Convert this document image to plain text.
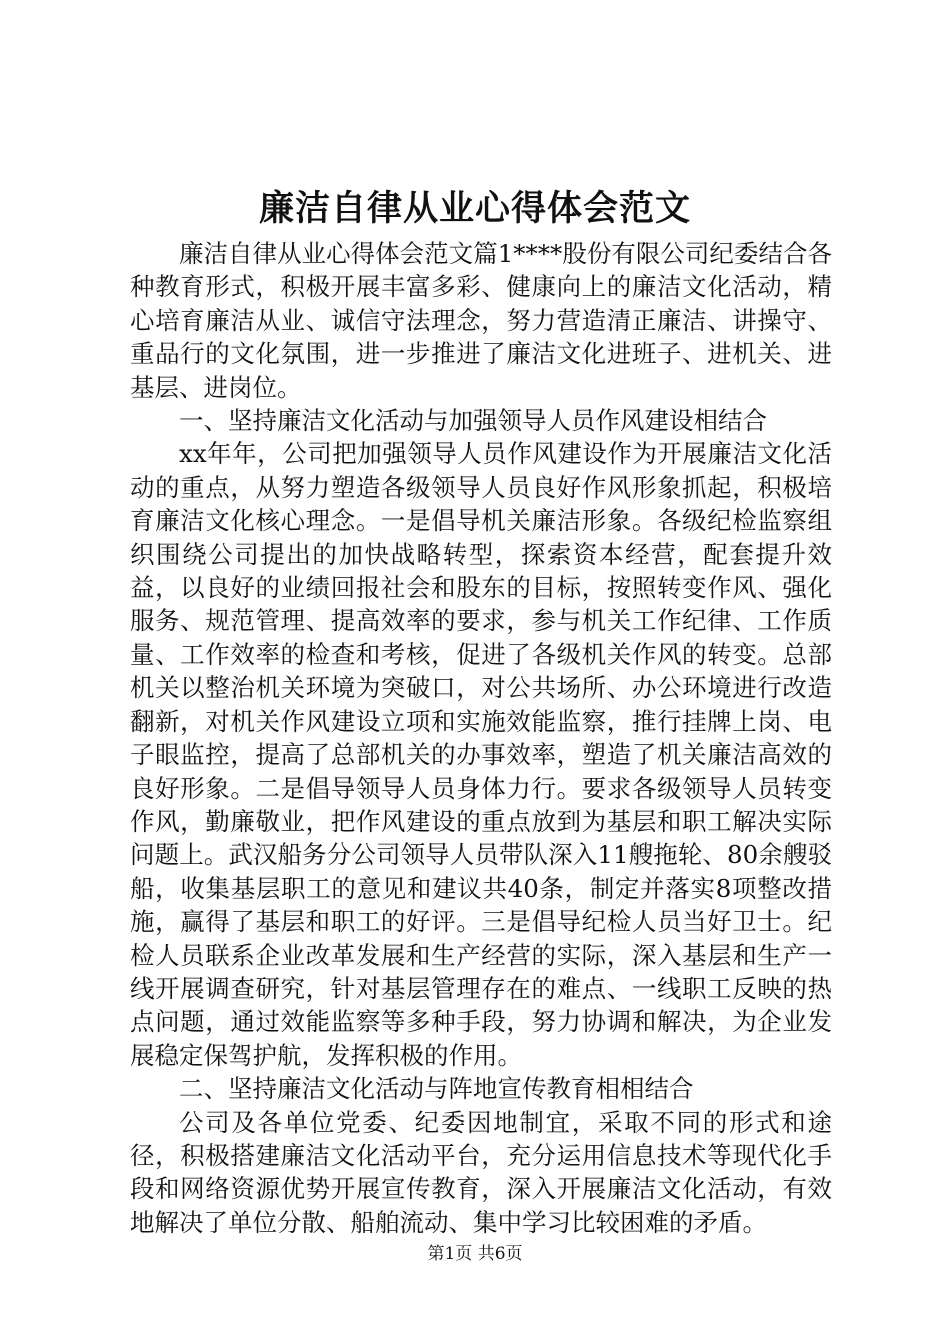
廉洁自律从业心得体会范文

廉洁自律从业心得体会范文篇1****股份有限公司纪委结合各种教育形式，积极开展丰富多彩、健康向上的廉洁文化活动，精心培育廉洁从业、诚信守法理念，努力营造清正廉洁、讲操守、重品行的文化氛围，进一步推进了廉洁文化进班子、进机关、进基层、进岗位。

一、坚持廉洁文化活动与加强领导人员作风建设相结合

xx年年，公司把加强领导人员作风建设作为开展廉洁文化活动的重点，从努力塑造各级领导人员良好作风形象抓起，积极培育廉洁文化核心理念。一是倡导机关廉洁形象。各级纪检监察组织围绕公司提出的加快战略转型，探索资本经营，配套提升效益，以良好的业绩回报社会和股东的目标，按照转变作风、强化服务、规范管理、提高效率的要求，参与机关工作纪律、工作质量、工作效率的检查和考核，促进了各级机关作风的转变。总部机关以整治机关环境为突破口，对公共场所、办公环境进行改造翻新，对机关作风建设立项和实施效能监察，推行挂牌上岗、电子眼监控，提高了总部机关的办事效率，塑造了机关廉洁高效的良好形象。二是倡导领导人员身体力行。要求各级领导人员转变作风，勤廉敬业，把作风建设的重点放到为基层和职工解决实际问题上。武汉船务分公司领导人员带队深入11艘拖轮、80余艘驳船，收集基层职工的意见和建议共40条，制定并落实8项整改措施，赢得了基层和职工的好评。三是倡导纪检人员当好卫士。纪检人员联系企业改革发展和生产经营的实际，深入基层和生产一线开展调查研究，针对基层管理存在的难点、一线职工反映的热点问题，通过效能监察等多种手段，努力协调和解决，为企业发展稳定保驾护航，发挥积极的作用。

二、坚持廉洁文化活动与阵地宣传教育相相结合

公司及各单位党委、纪委因地制宜，采取不同的形式和途径，积极搭建廉洁文化活动平台，充分运用信息技术等现代化手段和网络资源优势开展宣传教育，深入开展廉洁文化活动，有效地解决了单位分散、船舶流动、集中学习比较困难的矛盾。

第1页 共6页
